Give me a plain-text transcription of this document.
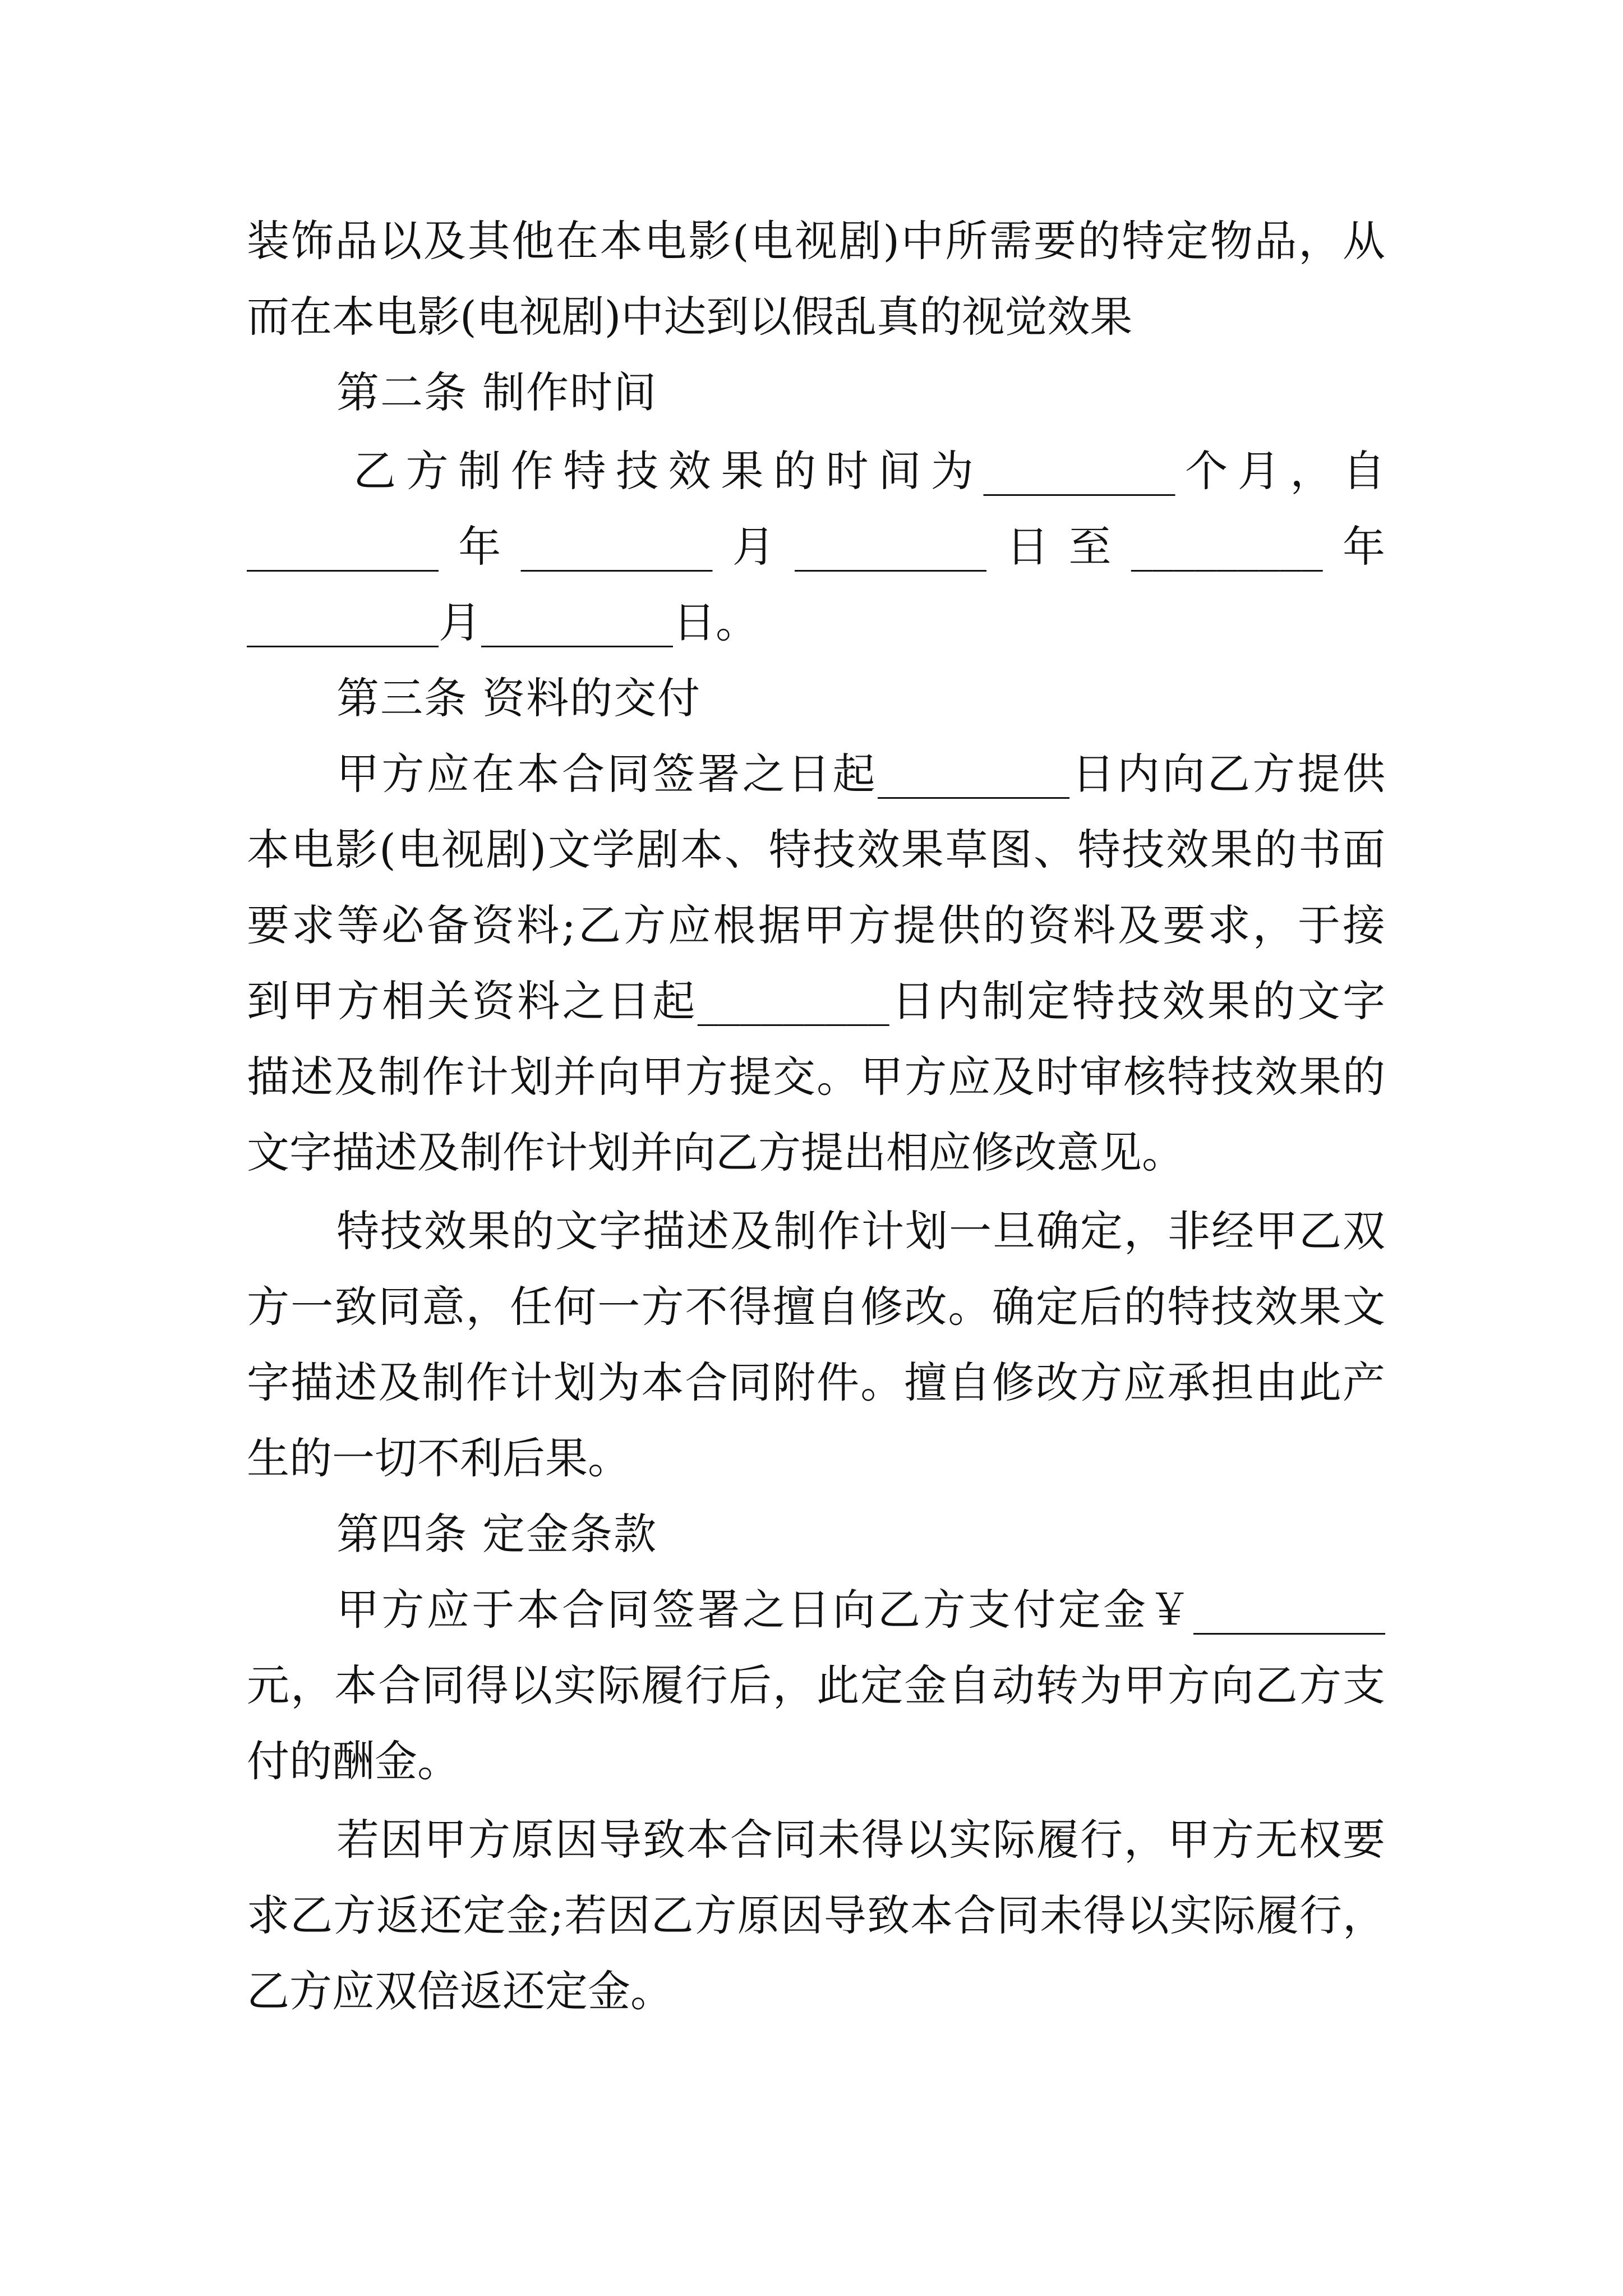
装饰品以及其他在本电影(电视剧)中所需要的特定物品，从
而在本电影(电视剧)中达到以假乱真的视觉效果
第二条 制作时间
乙方制作特技效果的时间为_________个月，自
_________年_________月_________日至_________年
_________月_________日。
第三条 资料的交付
甲方应在本合同签署之日起_________日内向乙方提供
本电影(电视剧)文学剧本、特技效果草图、特技效果的书面
要求等必备资料;乙方应根据甲方提供的资料及要求，于接
到甲方相关资料之日起_________日内制定特技效果的文字
描述及制作计划并向甲方提交。甲方应及时审核特技效果的
文字描述及制作计划并向乙方提出相应修改意见。
特技效果的文字描述及制作计划一旦确定，非经甲乙双
方一致同意，任何一方不得擅自修改。确定后的特技效果文
字描述及制作计划为本合同附件。擅自修改方应承担由此产
生的一切不利后果。
第四条 定金条款
甲方应于本合同签署之日向乙方支付定金￥_________
元，本合同得以实际履行后，此定金自动转为甲方向乙方支
付的酬金。
若因甲方原因导致本合同未得以实际履行，甲方无权要
求乙方返还定金;若因乙方原因导致本合同未得以实际履行，
乙方应双倍返还定金。
